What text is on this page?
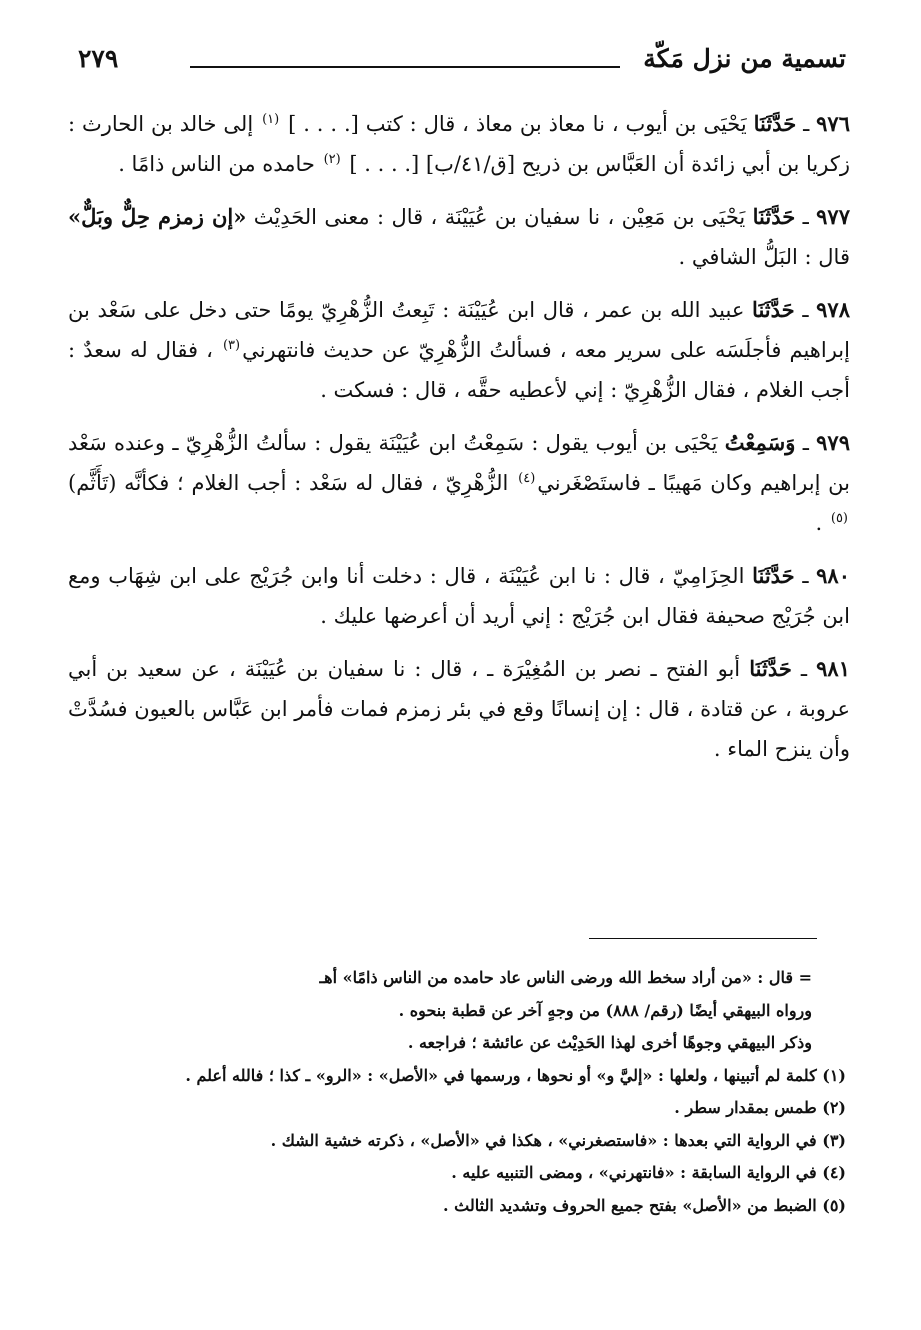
تسمية من نزل مَكّة
٢٧٩

٩٧٦ ـ حَدَّثَنَا يَحْيَى بن أيوب ، نا معاذ بن معاذ ، قال : كتب [. . . . ] $^{(١)}$ إلى خالد بن الحارث : زكريا بن أبي زائدة أن العَبَّاس بن ذريح [ق/٤١/ب] [. . . . ] $^{(٢)}$ حامده من الناس ذامًا .

٩٧٧ ـ حَدَّثَنَا يَحْيَى بن مَعِيْن ، نا سفيان بن عُيَيْنَة ، قال : معنى الحَدِيْث «إن زمزم حِلٌّ وبَلٌّ» قال : البَلُّ الشافي .

٩٧٨ ـ حَدَّثَنَا عبيد الله بن عمر ، قال ابن عُيَيْنَة : تَبِعتُ الزُّهْرِيّ يومًا حتى دخل على سَعْد بن إبراهيم فأجلَسَه على سرير معه ، فسألتُ الزُّهْرِيّ عن حديث فانتهرني$^{(٣)}$ ، فقال له سعدٌ : أجب الغلام ، فقال الزُّهْرِيّ : إني لأعطيه حقَّه ، قال : فسكت .

٩٧٩ ـ وَسَمِعْتُ يَحْيَى بن أيوب يقول : سَمِعْتُ ابن عُيَيْنَة يقول : سألتُ الزُّهْرِيّ ـ وعنده سَعْد بن إبراهيم وكان مَهيبًا ـ فاستَصْغَرني$^{(٤)}$ الزُّهْرِيّ ، فقال له سَعْد : أجب الغلام ؛ فكأنَّه (تَأَثَّم)$^{(٥)}$ .

٩٨٠ ـ حَدَّثَنَا الحِزَامِيّ ، قال : نا ابن عُيَيْنَة ، قال : دخلت أنا وابن جُرَيْج على ابن شِهَاب ومع ابن جُرَيْج صحيفة فقال ابن جُرَيْج : إني أريد أن أعرضها عليك .

٩٨١ ـ حَدَّثَنَا أبو الفتح ـ نصر بن المُغِيْرَة ـ ، قال : نا سفيان بن عُيَيْنَة ، عن سعيد بن أبي عروبة ، عن قتادة ، قال : إن إنسانًا وقع في بئر زمزم فمات فأمر ابن عَبَّاس بالعيون فسُدَّتْ وأن ينزح الماء .

= قال : «من أراد سخط الله ورضى الناس عاد حامده من الناس ذامًا» أهـ
ورواه البيهقي أيضًا (رقم/ ٨٨٨) من وجهٍ آخر عن قطبة بنحوه .
وذكر البيهقي وجوهًا أخرى لهذا الحَدِيْث عن عائشة ؛ فراجعه .
(١) كلمة لم أتبينها ، ولعلها : «إليَّ و» أو نحوها ، ورسمها في «الأصل» : «الرو» ـ كذا ؛ فالله أعلم .
(٢) طمس بمقدار سطر .
(٣) في الرواية التي بعدها : «فاستصغرني» ، هكذا في «الأصل» ، ذكرته خشية الشك .
(٤) في الرواية السابقة : «فانتهرني» ، ومضى التنبيه عليه .
(٥) الضبط من «الأصل» بفتح جميع الحروف وتشديد الثالث .
